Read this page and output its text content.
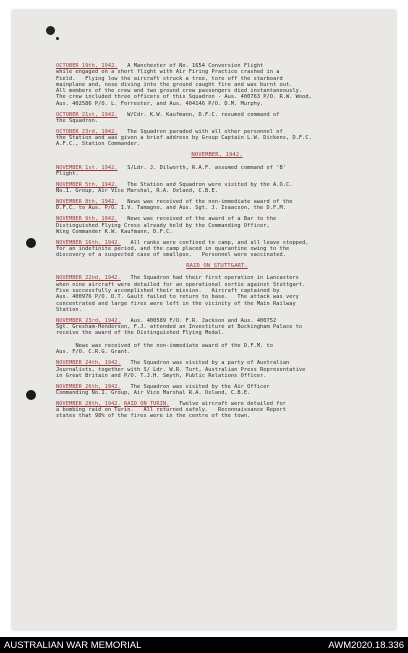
OCTOBER 19th, 1942.   A Manchester of No. 1654 Conversion Flight
while engaged on a short flight with Air Firing Practice crashed in a
Field.   Flying low the aircraft struck a tree, tore off the starboard
mainplane and, nose diving into the ground caught fire and was burnt out.
All members of the crew and two ground crew passengers died instantaneously.
The crew included three officers of this Squadron - Aus. 400763 P/O. R.W. Wood,
Aus. 402586 P/O. L. Forrester, and Aus. 404146 P/O. D.M. Murphy.

OCTOBER 21st, 1942.   W/Cdr. K.W. Kaufmann, D.F.C. resumed command of
the Squadron.

OCTOBER 23rd, 1942.   The Squadron paraded with all other personnel of
the Station and was given a brief address by Group Captain L.W. Dickens, D.F.C.
A.F.C., Station Commander.

NOVEMBER, 1942.

NOVEMBER 1st. 1942.   S/Ldr. J. Dilworth, R.A.F. assumed command of 'B'
Flight.

NOVEMBER 5th, 1942.   The Station and Squadron were visited by the A.O.C.
No.1. Group, Air Vice Marshal, R.A. Oxland, C.B.E.

NOVEMBER 8th, 1942.   News was received of the non-immediate award of the
D.F.C. to Aus. P/O. I.V. Tamagno, and Aus. Sgt. J. Isaacson, the D.F.M.

NOVEMBER 9th, 1942.   News was received of the award of a Bar to the
Distinguished Flying Cross already held by the Commanding Officer,
Wing Commander K.W. Kaufmann, D.F.C.

NOVEMBER 16th, 1942.   All ranks were confined to camp, and all leave stopped,
for an indefinite period, and the camp placed in quarantine owing to the
discovery of a suspected case of smallpox.   Personnel were vaccinated.

RAID ON STUTTGART.

NOVEMBER 22nd, 1942.   The Squadron had their first operation in Lancasters
when nine aircraft were detailed for an operational sortie against Stuttgart.
Five successfully accomplished their mission.   Aircraft captained by
Aus. 400976 P/O. D.T. Gault failed to return to base.   The attack was very
concentrated and large fires were left in the vicinity of the Main Railway
Station.

NOVEMBER 23rd, 1942.   Aus. 400589 F/O. F.R. Jackson and Aus. 400752
Sgt. Gresham-Henderson, F.J. attended an Investiture at Buckingham Palace to
receive the award of the Distinguished Flying Medal.

News was received of the non-immediate award of the D.F.M. to
Aus. F/O. C.R.G. Grant.

NOVEMBER 24th, 1942.   The Squadron was visited by a party of Australian
Journalists, together with S/ Ldr. W.R. Turt, Australian Press Representative
in Great Britain and P/O. T.J.H. Smyth, Public Relations Officer.

NOVEMBER 26th, 1942.   The Squadron was visited by the Air Officer
Commanding No.1. Group, Air Vice Marshal R.A. Oxland, C.B.E.

NOVEMBER 28th, 1942. RAID ON TURIN.   Twelve aircraft were detailed for
a bombing raid on Turin.   All returned safely.   Reconnaissance Report
states that 98% of the fires were in the centre of the town.

AUSTRALIAN WAR MEMORIAL	AWM2020.18.336
